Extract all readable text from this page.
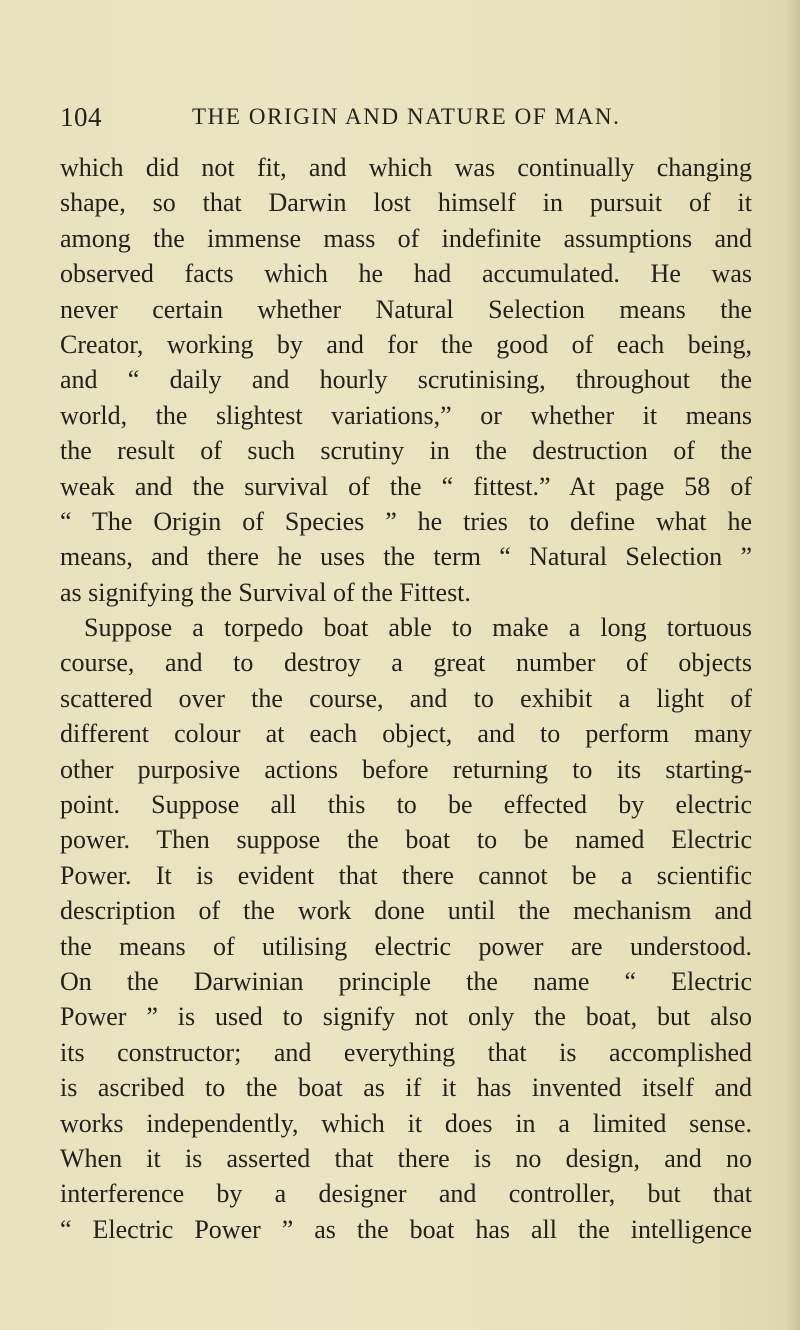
104	THE ORIGIN AND NATURE OF MAN.
which did not fit, and which was continually changing
shape, so that Darwin lost himself in pursuit of it
among the immense mass of indefinite assumptions and
observed facts which he had accumulated. He was
never certain whether Natural Selection means the
Creator, working by and for the good of each being,
and “ daily and hourly scrutinising, throughout the
world, the slightest variations,” or whether it means
the result of such scrutiny in the destruction of the
weak and the survival of the “ fittest.” At page 58 of
“ The Origin of Species ” he tries to define what he
means, and there he uses the term “ Natural Selection ”
as signifying the Survival of the Fittest.
Suppose a torpedo boat able to make a long tortuous
course, and to destroy a great number of objects
scattered over the course, and to exhibit a light of
different colour at each object, and to perform many
other purposive actions before returning to its starting-
point. Suppose all this to be effected by electric
power. Then suppose the boat to be named Electric
Power. It is evident that there cannot be a scientific
description of the work done until the mechanism and
the means of utilising electric power are understood.
On the Darwinian principle the name “ Electric
Power ” is used to signify not only the boat, but also
its constructor; and everything that is accomplished
is ascribed to the boat as if it has invented itself and
works independently, which it does in a limited sense.
When it is asserted that there is no design, and no
interference by a designer and controller, but that
“ Electric Power ” as the boat has all the intelligence
